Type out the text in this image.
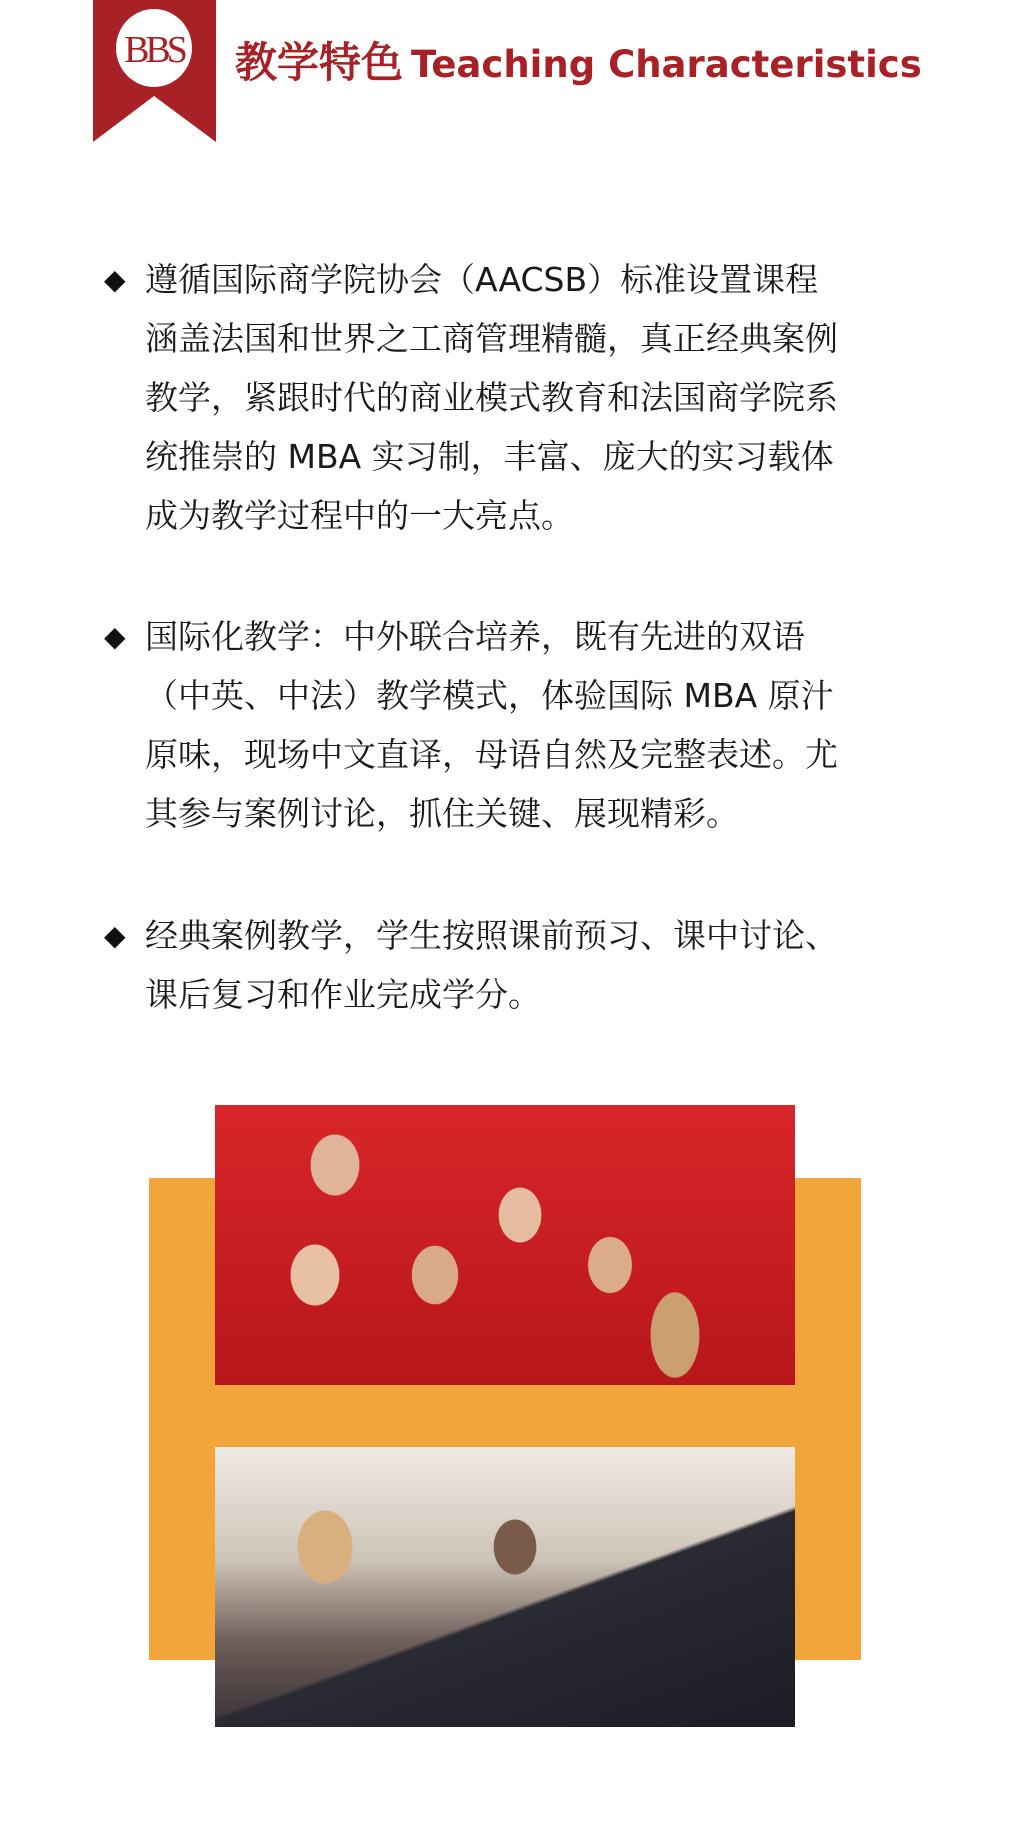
BBS 教学特色 Teaching Characteristics
◆ 遵循国际商学院协会（AACSB）标准设置课程
涵盖法国和世界之工商管理精髓，真正经典案例
教学，紧跟时代的商业模式教育和法国商学院系
统推崇的 MBA 实习制，丰富、庞大的实习载体
成为教学过程中的一大亮点。
◆ 国际化教学：中外联合培养，既有先进的双语
（中英、中法）教学模式，体验国际 MBA 原汁
原味，现场中文直译，母语自然及完整表述。尤
其参与案例讨论，抓住关键、展现精彩。
◆ 经典案例教学，学生按照课前预习、课中讨论、
课后复习和作业完成学分。
